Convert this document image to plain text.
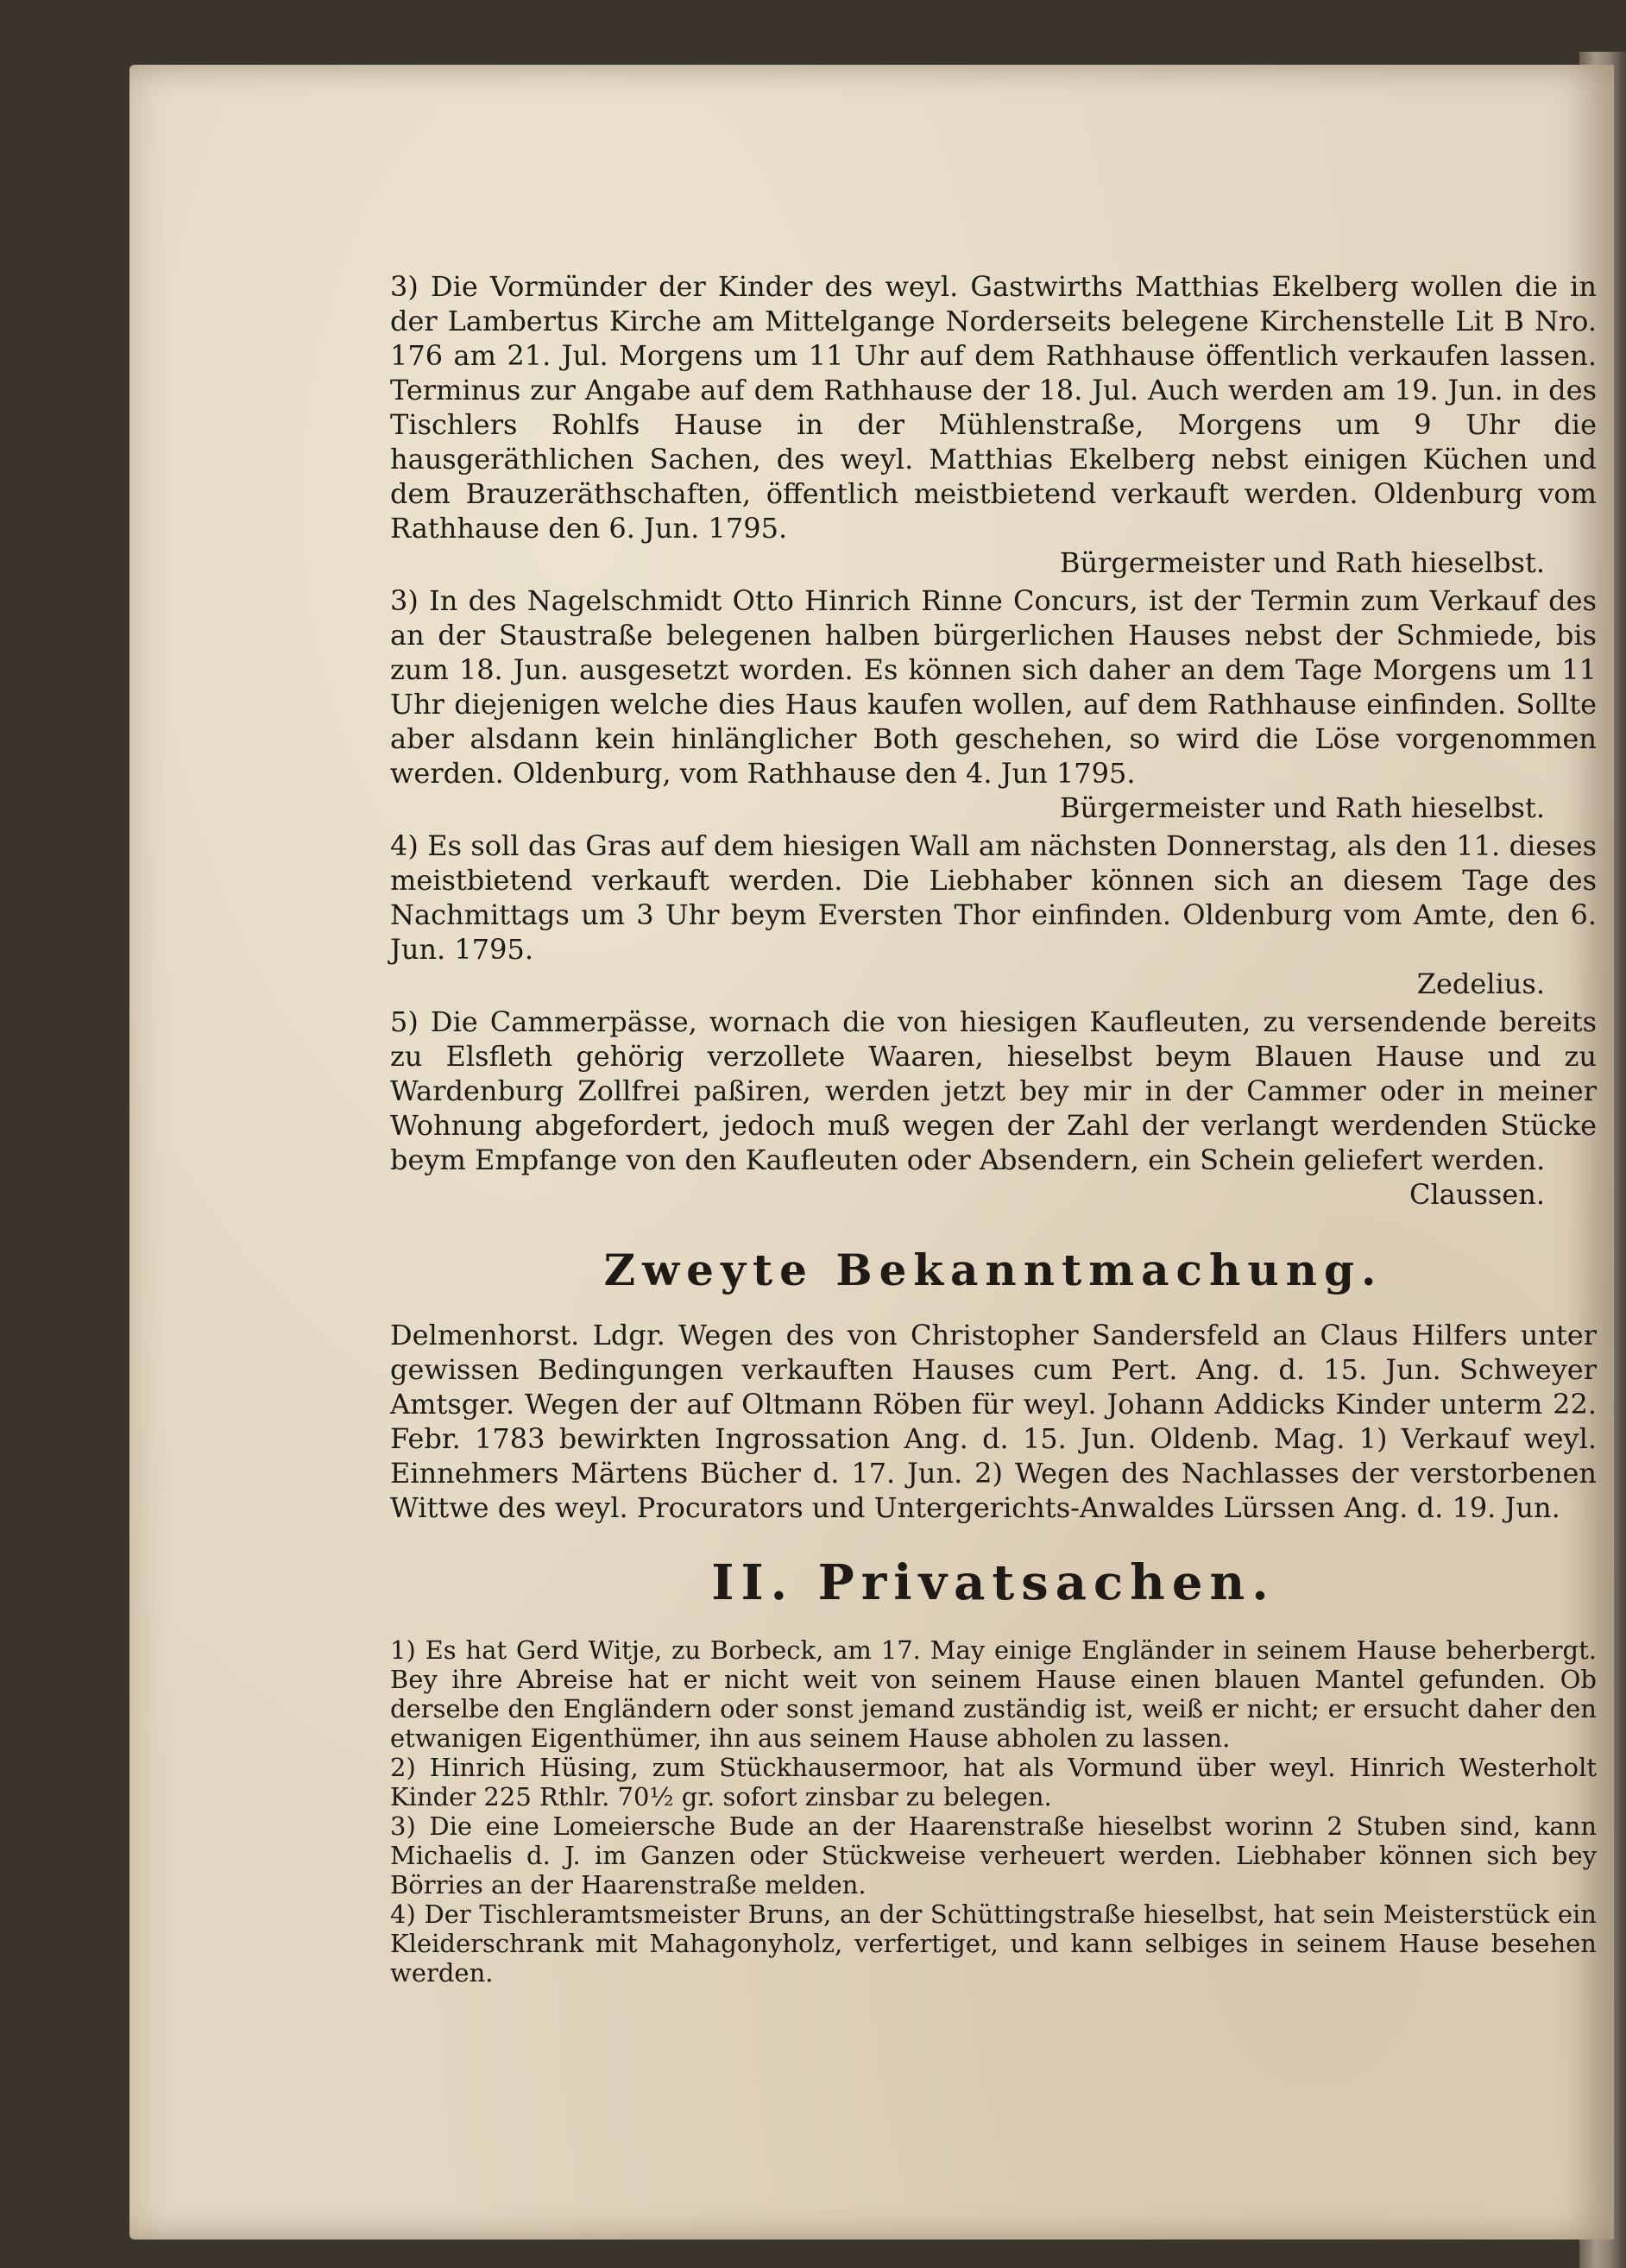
3) Die Vormünder der Kinder des weyl. Gastwirths Matthias Ekelberg wollen die in der Lambertus Kirche am Mittelgange Norderseits belegene Kirchenstelle Lit B Nro. 176 am 21. Jul. Morgens um 11 Uhr auf dem Rathhause öffentlich verkaufen lassen. Terminus zur Angabe auf dem Rathhause der 18. Jul. Auch werden am 19. Jun. in des Tischlers Rohlfs Hause in der Mühlenstraße, Morgens um 9 Uhr die hausgeräthlichen Sachen, des weyl. Matthias Ekelberg nebst einigen Küchen und dem Brauzeräthschaften, öffentlich meistbietend verkauft werden. Oldenburg vom Rathhause den 6. Jun. 1795.
Bürgermeister und Rath hieselbst.

3) In des Nagelschmidt Otto Hinrich Rinne Concurs, ist der Termin zum Verkauf des an der Staustraße belegenen halben bürgerlichen Hauses nebst der Schmiede, bis zum 18. Jun. ausgesetzt worden. Es können sich daher an dem Tage Morgens um 11 Uhr diejenigen welche dies Haus kaufen wollen, auf dem Rathhause einfinden. Sollte aber alsdann kein hinlänglicher Both geschehen, so wird die Löse vorgenommen werden. Oldenburg, vom Rathhause den 4. Jun 1795.
Bürgermeister und Rath hieselbst.

4) Es soll das Gras auf dem hiesigen Wall am nächsten Donnerstag, als den 11. dieses meistbietend verkauft werden. Die Liebhaber können sich an diesem Tage des Nachmittags um 3 Uhr beym Eversten Thor einfinden. Oldenburg vom Amte, den 6. Jun. 1795.
Zedelius.

5) Die Cammerpässe, wornach die von hiesigen Kaufleuten, zu versendende bereits zu Elsfleth gehörig verzollete Waaren, hieselbst beym Blauen Hause und zu Wardenburg Zollfrei paßiren, werden jetzt bey mir in der Cammer oder in meiner Wohnung abgefordert, jedoch muß wegen der Zahl der verlangt werdenden Stücke beym Empfange von den Kaufleuten oder Absendern, ein Schein geliefert werden.
Claussen.

Zweyte Bekanntmachung.

Delmenhorst. Ldgr. Wegen des von Christopher Sandersfeld an Claus Hilfers unter gewissen Bedingungen verkauften Hauses cum Pert. Ang. d. 15. Jun. Schweyer Amtsger. Wegen der auf Oltmann Röben für weyl. Johann Addicks Kinder unterm 22. Febr. 1783 bewirkten Ingrossation Ang. d. 15. Jun. Oldenb. Mag. 1) Verkauf weyl. Einnehmers Märtens Bücher d. 17. Jun. 2) Wegen des Nachlasses der verstorbenen Wittwe des weyl. Procurators und Untergerichts-Anwaldes Lürssen Ang. d. 19. Jun.

II. Privatsachen.

1) Es hat Gerd Witje, zu Borbeck, am 17. May einige Engländer in seinem Hause beherbergt. Bey ihre Abreise hat er nicht weit von seinem Hause einen blauen Mantel gefunden. Ob derselbe den Engländern oder sonst jemand zuständig ist, weiß er nicht; er ersucht daher den etwanigen Eigenthümer, ihn aus seinem Hause abholen zu lassen.

2) Hinrich Hüsing, zum Stückhausermoor, hat als Vormund über weyl. Hinrich Westerholt Kinder 225 Rthlr. 70½ gr. sofort zinsbar zu belegen.

3) Die eine Lomeiersche Bude an der Haarenstraße hieselbst worinn 2 Stuben sind, kann Michaelis d. J. im Ganzen oder Stückweise verheuert werden. Liebhaber können sich bey Börries an der Haarenstraße melden.

4) Der Tischleramtsmeister Bruns, an der Schüttingstraße hieselbst, hat sein Meisterstück ein Kleiderschrank mit Mahagonyholz, verfertiget, und kann selbiges in seinem Hause besehen werden.
